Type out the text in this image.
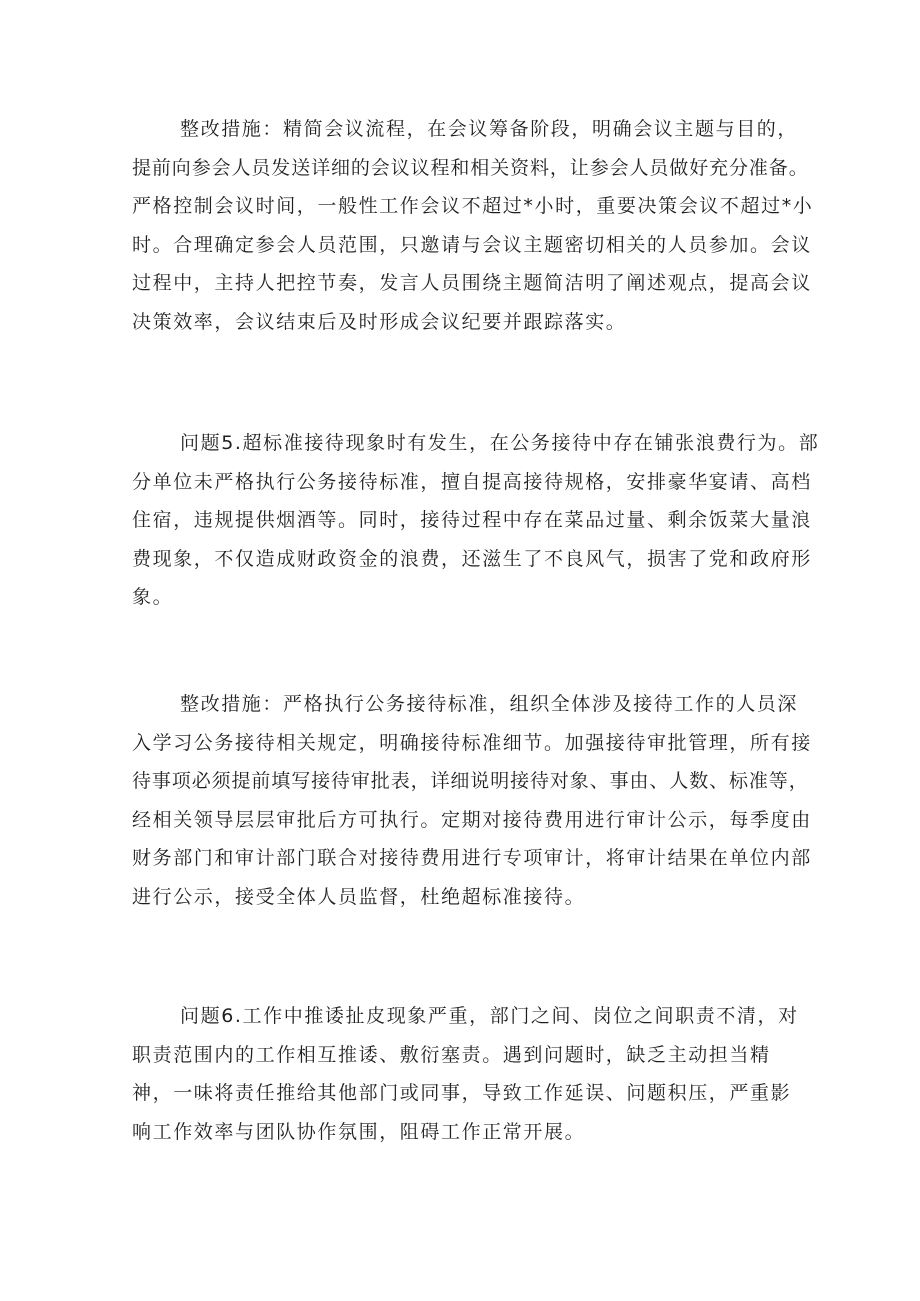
整改措施：精简会议流程，在会议筹备阶段，明确会议主题与目的，
提前向参会人员发送详细的会议议程和相关资料，让参会人员做好充分准备。
严格控制会议时间，一般性工作会议不超过*小时，重要决策会议不超过*小
时。合理确定参会人员范围，只邀请与会议主题密切相关的人员参加。会议
过程中，主持人把控节奏，发言人员围绕主题简洁明了阐述观点，提高会议
决策效率，会议结束后及时形成会议纪要并跟踪落实。
问题5.超标准接待现象时有发生，在公务接待中存在铺张浪费行为。部
分单位未严格执行公务接待标准，擅自提高接待规格，安排豪华宴请、高档
住宿，违规提供烟酒等。同时，接待过程中存在菜品过量、剩余饭菜大量浪
费现象，不仅造成财政资金的浪费，还滋生了不良风气，损害了党和政府形
象。
整改措施：严格执行公务接待标准，组织全体涉及接待工作的人员深
入学习公务接待相关规定，明确接待标准细节。加强接待审批管理，所有接
待事项必须提前填写接待审批表，详细说明接待对象、事由、人数、标准等，
经相关领导层层审批后方可执行。定期对接待费用进行审计公示，每季度由
财务部门和审计部门联合对接待费用进行专项审计，将审计结果在单位内部
进行公示，接受全体人员监督，杜绝超标准接待。
问题6.工作中推诿扯皮现象严重，部门之间、岗位之间职责不清，对
职责范围内的工作相互推诿、敷衍塞责。遇到问题时，缺乏主动担当精
神，一味将责任推给其他部门或同事，导致工作延误、问题积压，严重影
响工作效率与团队协作氛围，阻碍工作正常开展。
